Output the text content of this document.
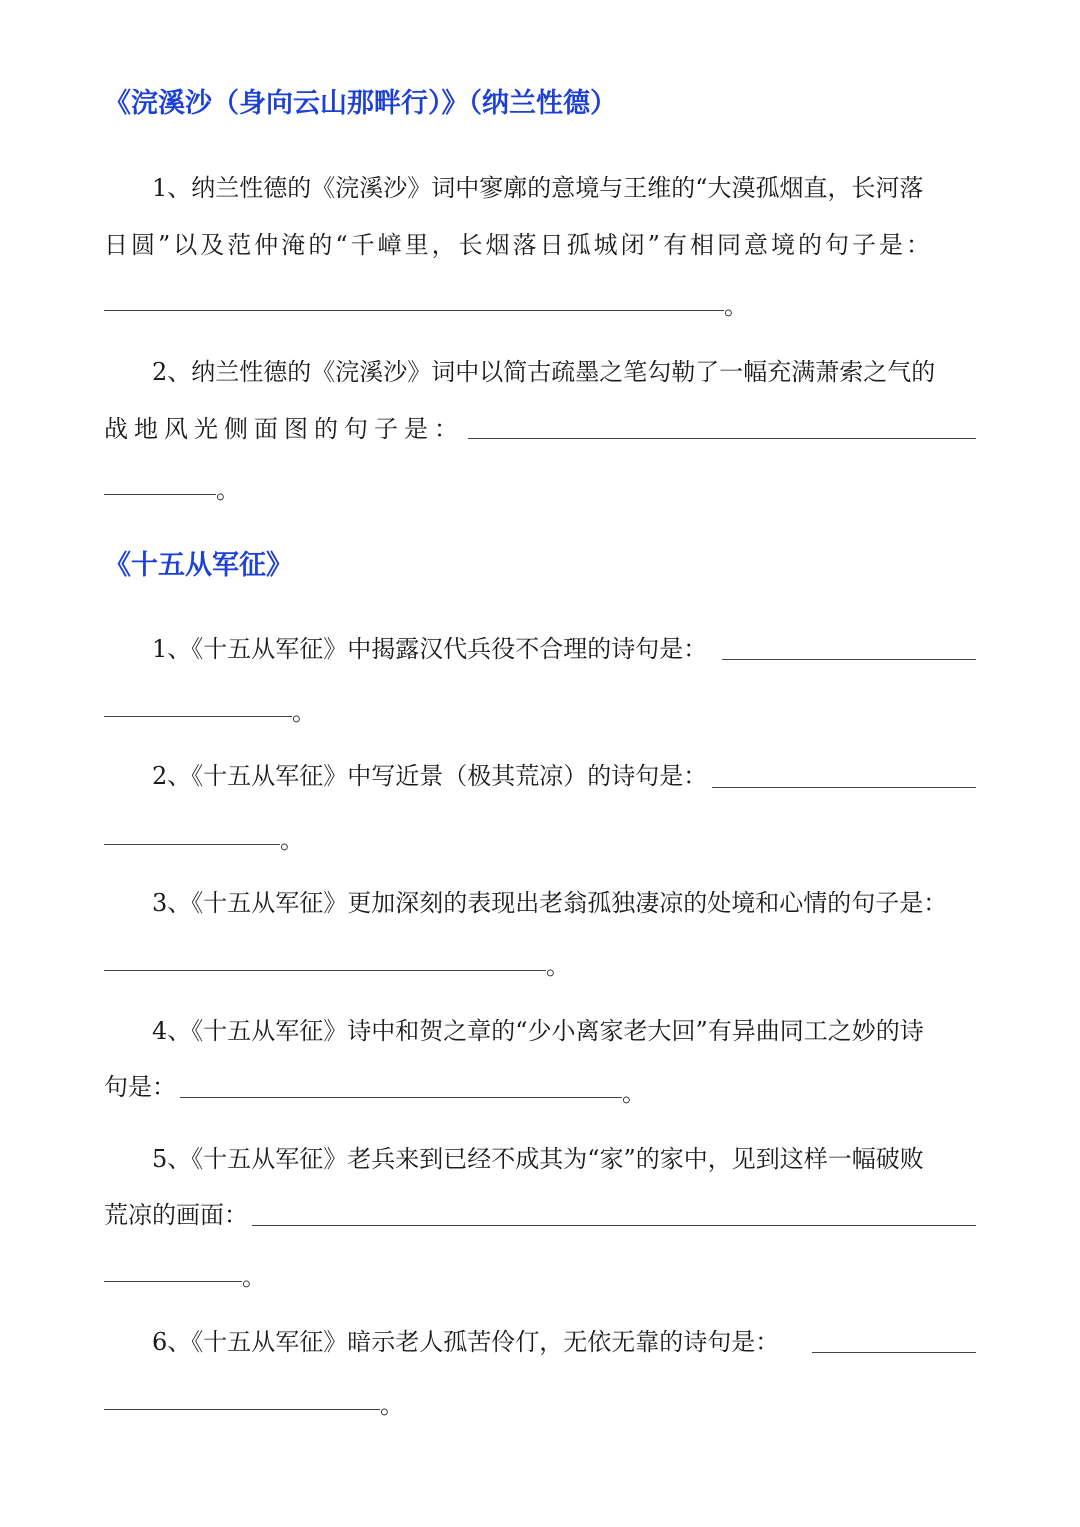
《浣溪沙（身向云山那畔行）》（纳兰性德）
1、纳兰性德的《浣溪沙》词中寥廓的意境与王维的“大漠孤烟直，长河落
日圆”以及范仲淹的“千嶂里，长烟落日孤城闭”有相同意境的句子是：
。
2、纳兰性德的《浣溪沙》词中以简古疏墨之笔勾勒了一幅充满萧索之气的
战地风光侧面图的句子是：
。
《十五从军征》
1、《十五从军征》中揭露汉代兵役不合理的诗句是：
。
2、《十五从军征》中写近景（极其荒凉）的诗句是：
。
3、《十五从军征》更加深刻的表现出老翁孤独凄凉的处境和心情的句子是：
。
4、《十五从军征》诗中和贺之章的“少小离家老大回”有异曲同工之妙的诗
句是：	。
5、《十五从军征》老兵来到已经不成其为“家”的家中，见到这样一幅破败
荒凉的画面：
。
6、《十五从军征》暗示老人孤苦伶仃，无依无靠的诗句是：
。
